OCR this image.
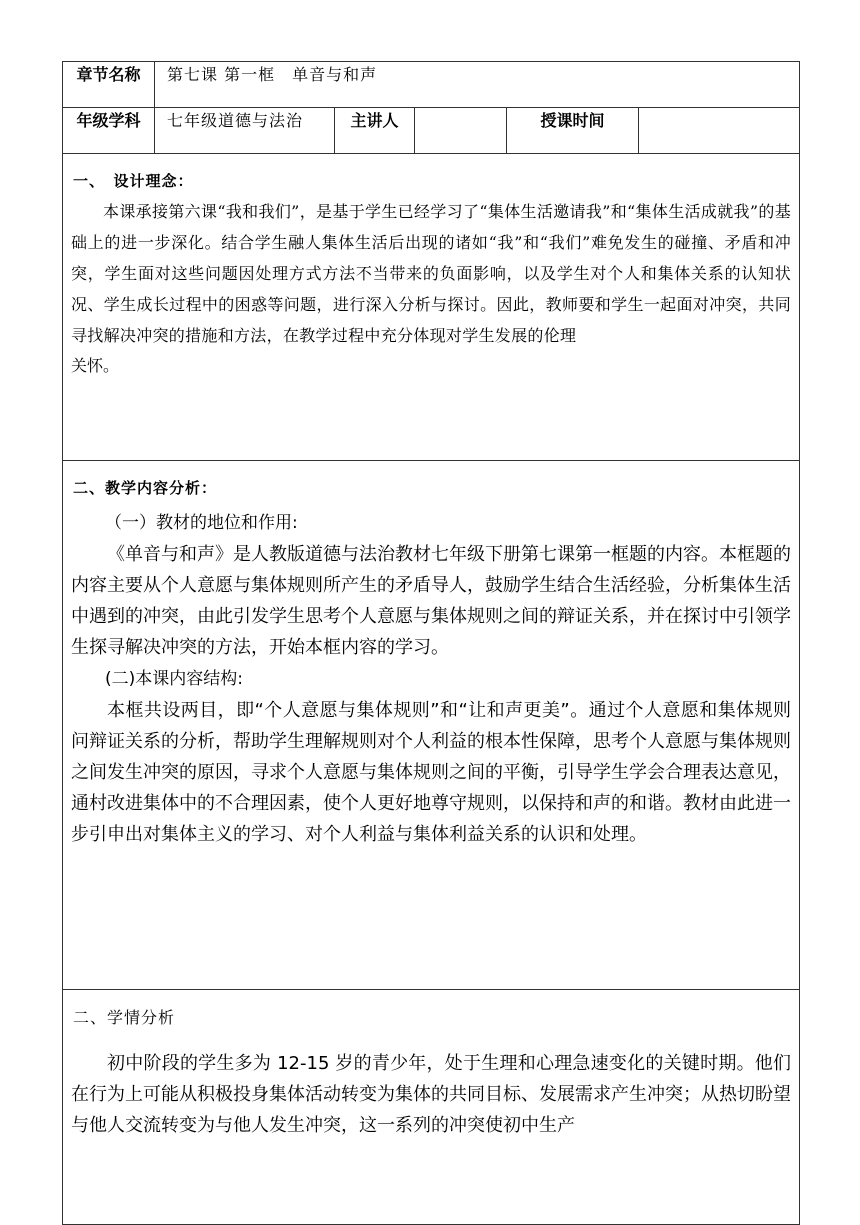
章节名称	第七课 第一框　单音与和声				
年级学科	七年级道德与法治	主讲人		授课时间	

一、　设计理念：

本课承接第六课“我和我们”，是基于学生已经学习了“集体生活邀请我”和“集体生活成就我”的基础上的进一步深化。结合学生融人集体生活后出现的诸如“我”和“我们”难免发生的碰撞、矛盾和冲突，学生面对这些问题因处理方式方法不当带来的负面影响，以及学生对个人和集体关系的认知状况、学生成长过程中的困惑等问题，进行深入分析与探讨。因此，教师要和学生一起面对冲突，共同寻找解决冲突的措施和方法，在教学过程中充分体现对学生发展的伦理

关怀。					

二、教学内容分析：

（一）教材的地位和作用:

《单音与和声》是人教版道德与法治教材七年级下册第七课第一框题的内容。本框题的内容主要从个人意愿与集体规则所产生的矛盾导人，鼓励学生结合生活经验，分析集体生活中遇到的冲突，由此引发学生思考个人意愿与集体规则之间的辩证关系，并在探讨中引领学生探寻解决冲突的方法，开始本框内容的学习。

(二)本课内容结构:

本框共设两目，即“个人意愿与集体规则”和“让和声更美”。通过个人意愿和集体规则问辩证关系的分析，帮助学生理解规则对个人利益的根本性保障，思考个人意愿与集体规则之间发生冲突的原因，寻求个人意愿与集体规则之间的平衡，引导学生学会合理表达意见，通村改进集体中的不合理因素，使个人更好地尊守规则，以保持和声的和谐。教材由此进一步引申出对集体主义的学习、对个人利益与集体利益关系的认识和处理。					

二、学情分析

初中阶段的学生多为 12-15 岁的青少年，处于生理和心理急速变化的关键时期。他们在行为上可能从积极投身集体活动转变为集体的共同目标、发展需求产生冲突；从热切盼望与他人交流转变为与他人发生冲突，这一系列的冲突使初中生产					
